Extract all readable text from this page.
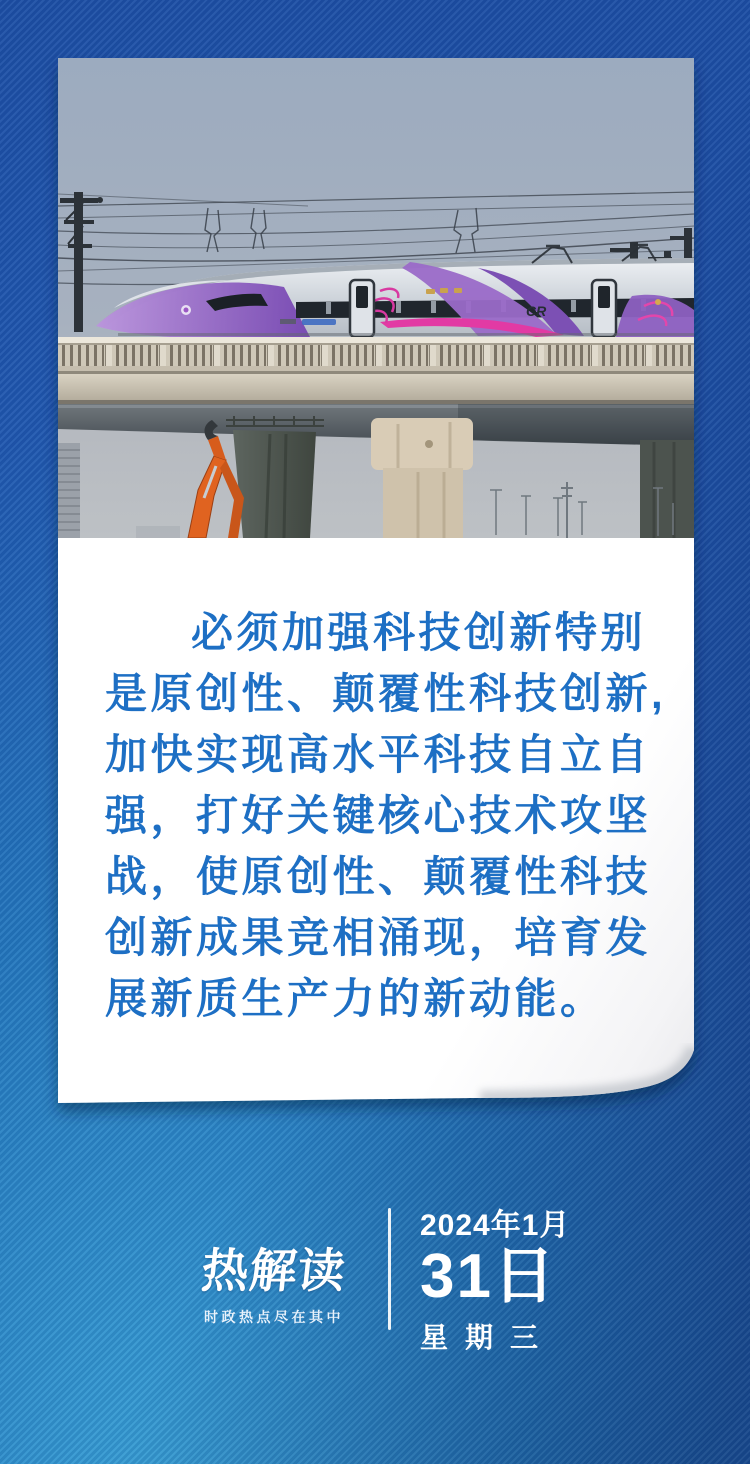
CR
必须加强科技创新特别
是原创性、颠覆性科技创新,
加快实现高水平科技自立自
强，打好关键核心技术攻坚
战，使原创性、颠覆性科技
创新成果竞相涌现，培育发
展新质生产力的新动能。
热解读
时政热点尽在其中
2024年1月
31日
星期三
